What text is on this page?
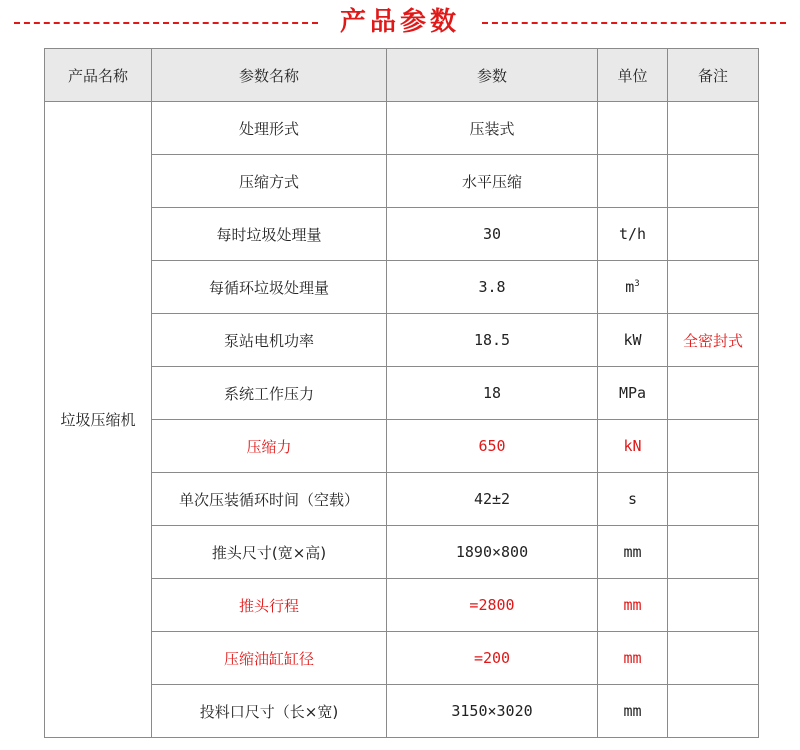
产品参数
产品名称	参数名称	参数	单位	备注
垃圾压缩机	处理形式	压装式		
	压缩方式	水平压缩		
	每时垃圾处理量	30	t/h	
	每循环垃圾处理量	3.8	$m^3$	
	泵站电机功率	18.5	kW	全密封式
	系统工作压力	18	MPa	
	压缩力	650	kN	
	单次压装循环时间（空载）	42±2	s	
	推头尺寸(宽×高)	1890×800	mm	
	推头行程	=2800	mm	
	压缩油缸缸径	=200	mm	
	投料口尺寸（长×宽)	3150×3020	mm	
